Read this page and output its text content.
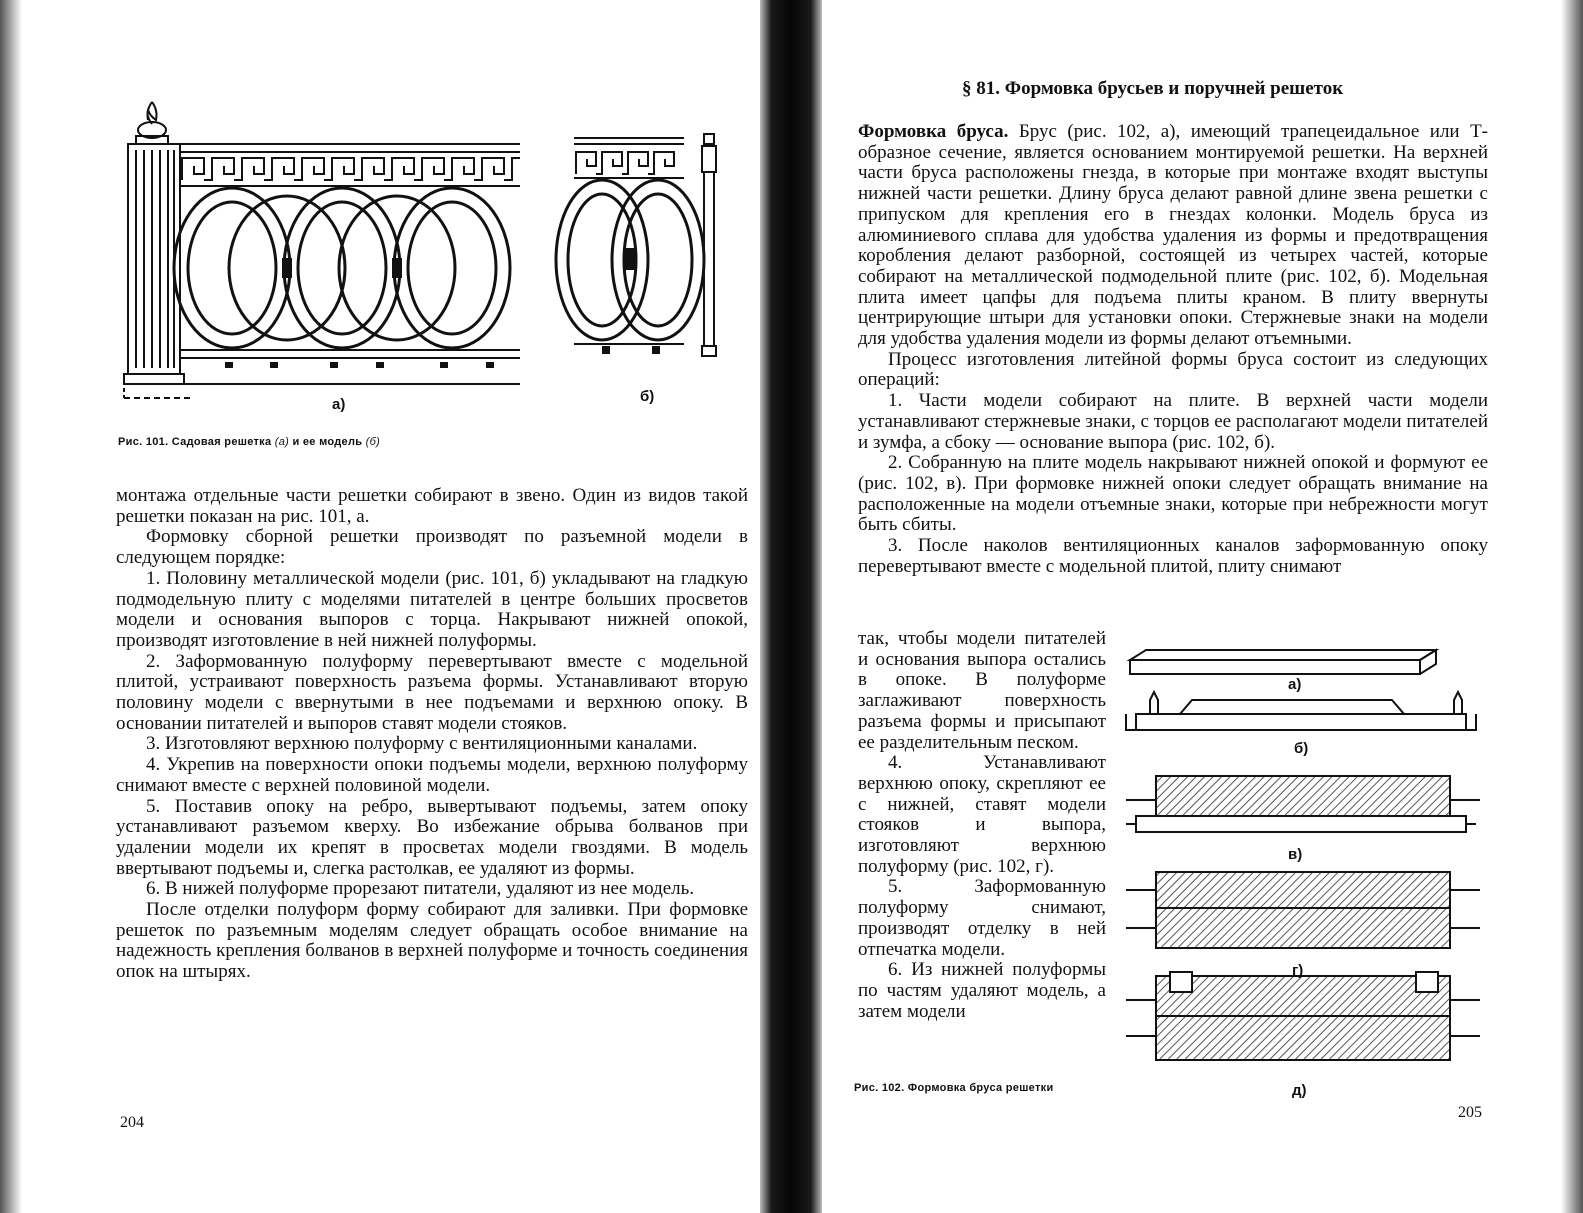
а)	б)
Рис. 101. Садовая решетка (а) и ее модель (б)

монтажа отдельные части решетки собирают в звено. Один из видов такой решетки показан на рис. 101, а.

Формовку сборной решетки производят по разъемной модели в следующем порядке:

1. Половину металлической модели (рис. 101, б) укладывают на гладкую подмодельную плиту с моделями питателей в центре больших просветов модели и основания выпоров с торца. Накрывают нижней опокой, производят изготовление в ней нижней полуформы.

2. Заформованную полуформу перевертывают вместе с модельной плитой, устраивают поверхность разъема формы. Устанавливают вторую половину модели с ввернутыми в нее подъемами и верхнюю опоку. В основании питателей и выпоров ставят модели стояков.

3. Изготовляют верхнюю полуформу с вентиляционными каналами.

4. Укрепив на поверхности опоки подъемы модели, верхнюю полуформу снимают вместе с верхней половиной модели.

5. Поставив опоку на ребро, вывертывают подъемы, затем опоку устанавливают разъемом кверху. Во избежание обрыва болванов при удалении модели их крепят в просветах модели гвоздями. В модель ввертывают подъемы и, слегка растолкав, ее удаляют из формы.

6. В нижей полуформе прорезают питатели, удаляют из нее модель.

После отделки полуформ форму собирают для заливки. При формовке решеток по разъемным моделям следует обращать особое внимание на надежность крепления болванов в верхней полуформе и точность соединения опок на штырях.

204
§ 81. Формовка брусьев и поручней решеток

Формовка бруса. Брус (рис. 102, а), имеющий трапецеидальное или Т-образное сечение, является основанием монтируемой решетки. На верхней части бруса расположены гнезда, в которые при монтаже входят выступы нижней части решетки. Длину бруса делают равной длине звена решетки с припуском для крепления его в гнездах колонки. Модель бруса из алюминиевого сплава для удобства удаления из формы и предотвращения коробления делают разборной, состоящей из четырех частей, которые собирают на металлической подмодельной плите (рис. 102, б). Модельная плита имеет цапфы для подъема плиты краном. В плиту ввернуты центрирующие штыри для установки опоки. Стержневые знаки на модели для удобства удаления модели из формы делают отъемными.

Процесс изготовления литейной формы бруса состоит из следующих операций:

1. Части модели собирают на плите. В верхней части модели устанавливают стержневые знаки, с торцов ее располагают модели питателей и зумфа, а сбоку — основание выпора (рис. 102, б).

2. Собранную на плите модель накрывают нижней опокой и формуют ее (рис. 102, в). При формовке нижней опоки следует обращать внимание на расположенные на модели отъемные знаки, которые при небрежности могут быть сбиты.

3. После наколов вентиляционных каналов заформованную опоку перевертывают вместе с модельной плитой, плиту снимают

так, чтобы модели питателей и основания выпора остались в опоке. В полуформе заглаживают поверхность разъема формы и присыпают ее разделительным песком.

4. Устанавливают верхнюю опоку, скрепляют ее с нижней, ставят модели стояков и выпора, изготовляют верхнюю полуформу (рис. 102, г).

5. Заформованную полуформу снимают, производят отделку в ней отпечатка модели.

6. Из нижней полуформы по частям удаляют модель, а затем модели

а)
б)
в)
г)
д)
Рис. 102. Формовка бруса решетки
205
